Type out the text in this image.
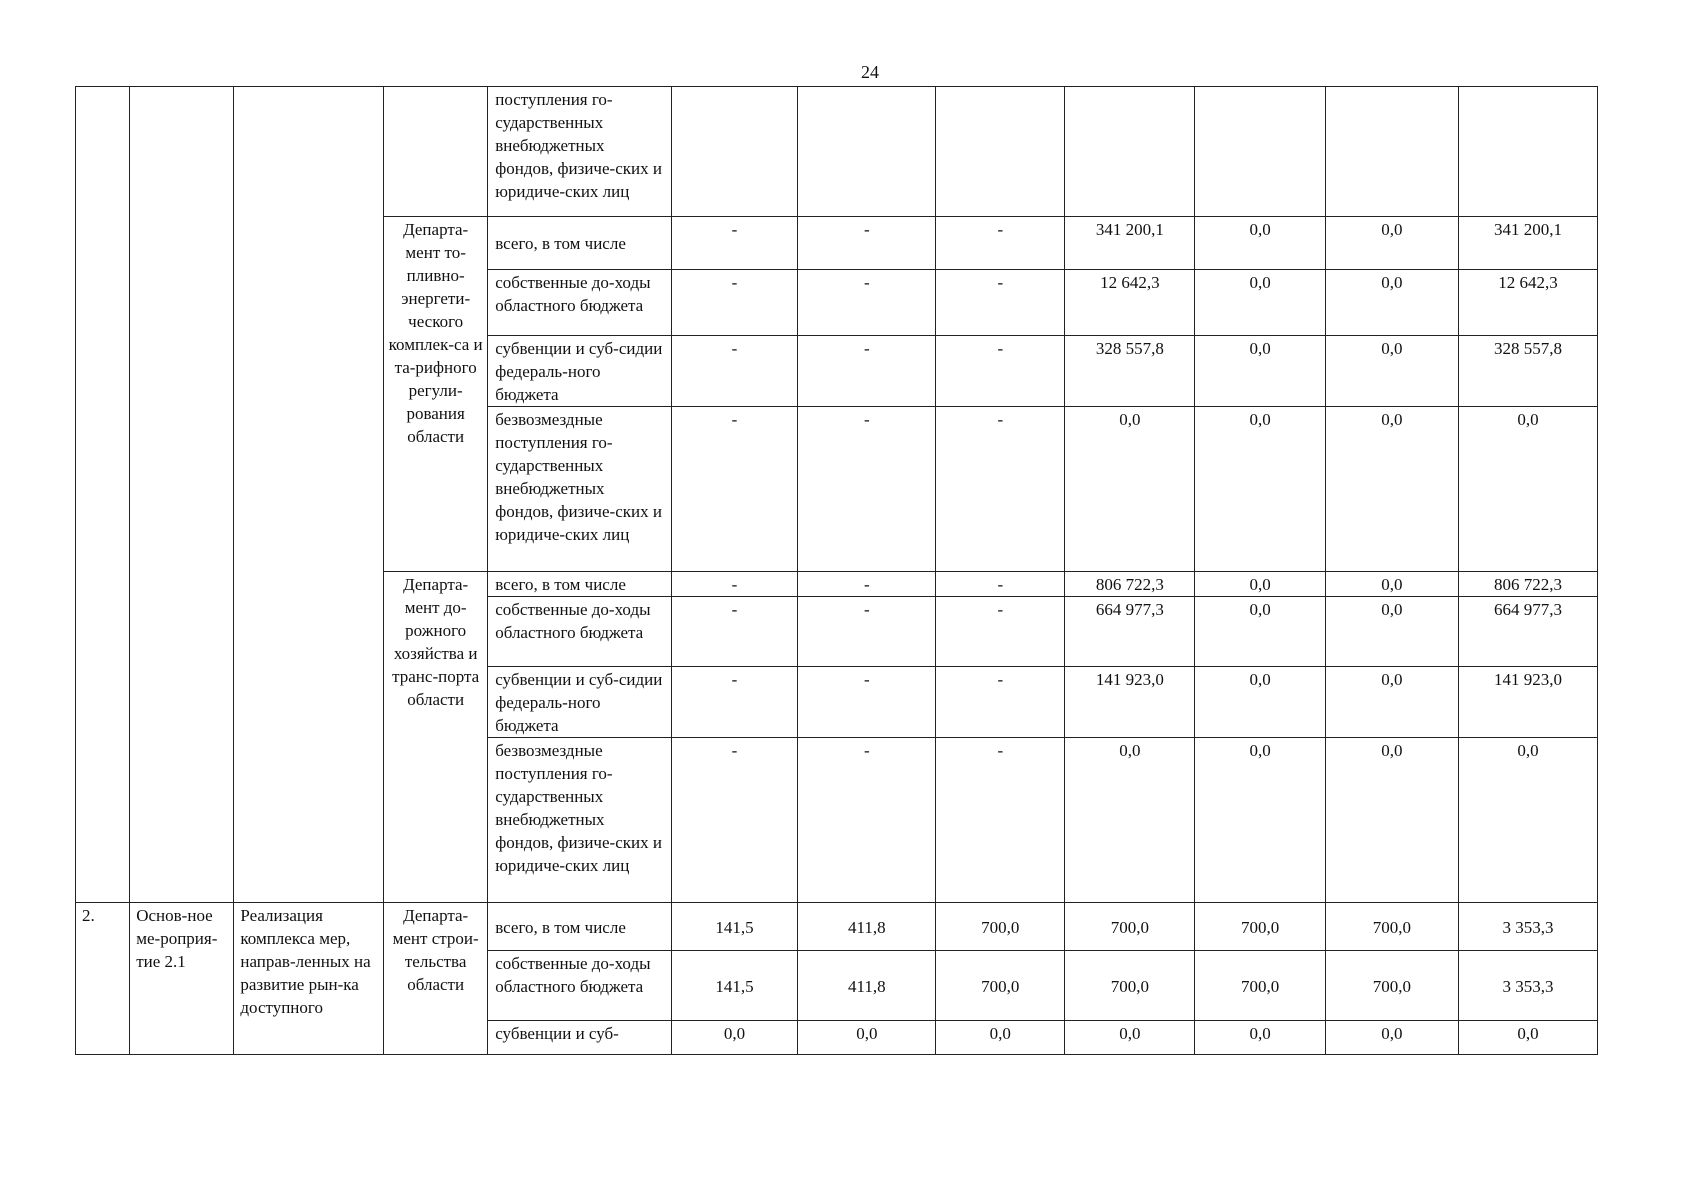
24
				поступления го-сударственных внебюджетных фондов, физиче-ских и юридиче-ских лиц							
			Департа-мент то-пливно-энергети-ческого комплек-са и та-рифного регули-рования области	всего, в том числе	-	-	-	341 200,1	0,0	0,0	341 200,1
				собственные до-ходы областного бюджета	-	-	-	12 642,3	0,0	0,0	12 642,3
				субвенции и суб-сидии федераль-ного бюджета	-	-	-	328 557,8	0,0	0,0	328 557,8
				безвозмездные поступления го-сударственных внебюджетных фондов, физиче-ских и юридиче-ских лиц	-	-	-	0,0	0,0	0,0	0,0
			Департа-мент до-рожного хозяйства и транс-порта области	всего, в том числе	-	-	-	806 722,3	0,0	0,0	806 722,3
				собственные до-ходы областного бюджета	-	-	-	664 977,3	0,0	0,0	664 977,3
				субвенции и суб-сидии федераль-ного бюджета	-	-	-	141 923,0	0,0	0,0	141 923,0
				безвозмездные поступления го-сударственных внебюджетных фондов, физиче-ских и юридиче-ских лиц	-	-	-	0,0	0,0	0,0	0,0
2.	Основ-ное ме-роприя-тие 2.1	Реализация комплекса мер, направ-ленных на развитие рын-ка доступного	Департа-мент строи-тельства области	всего, в том числе	141,5	411,8	700,0	700,0	700,0	700,0	3 353,3
				собственные до-ходы областного бюджета	141,5	411,8	700,0	700,0	700,0	700,0	3 353,3
				субвенции и суб-	0,0	0,0	0,0	0,0	0,0	0,0	0,0
